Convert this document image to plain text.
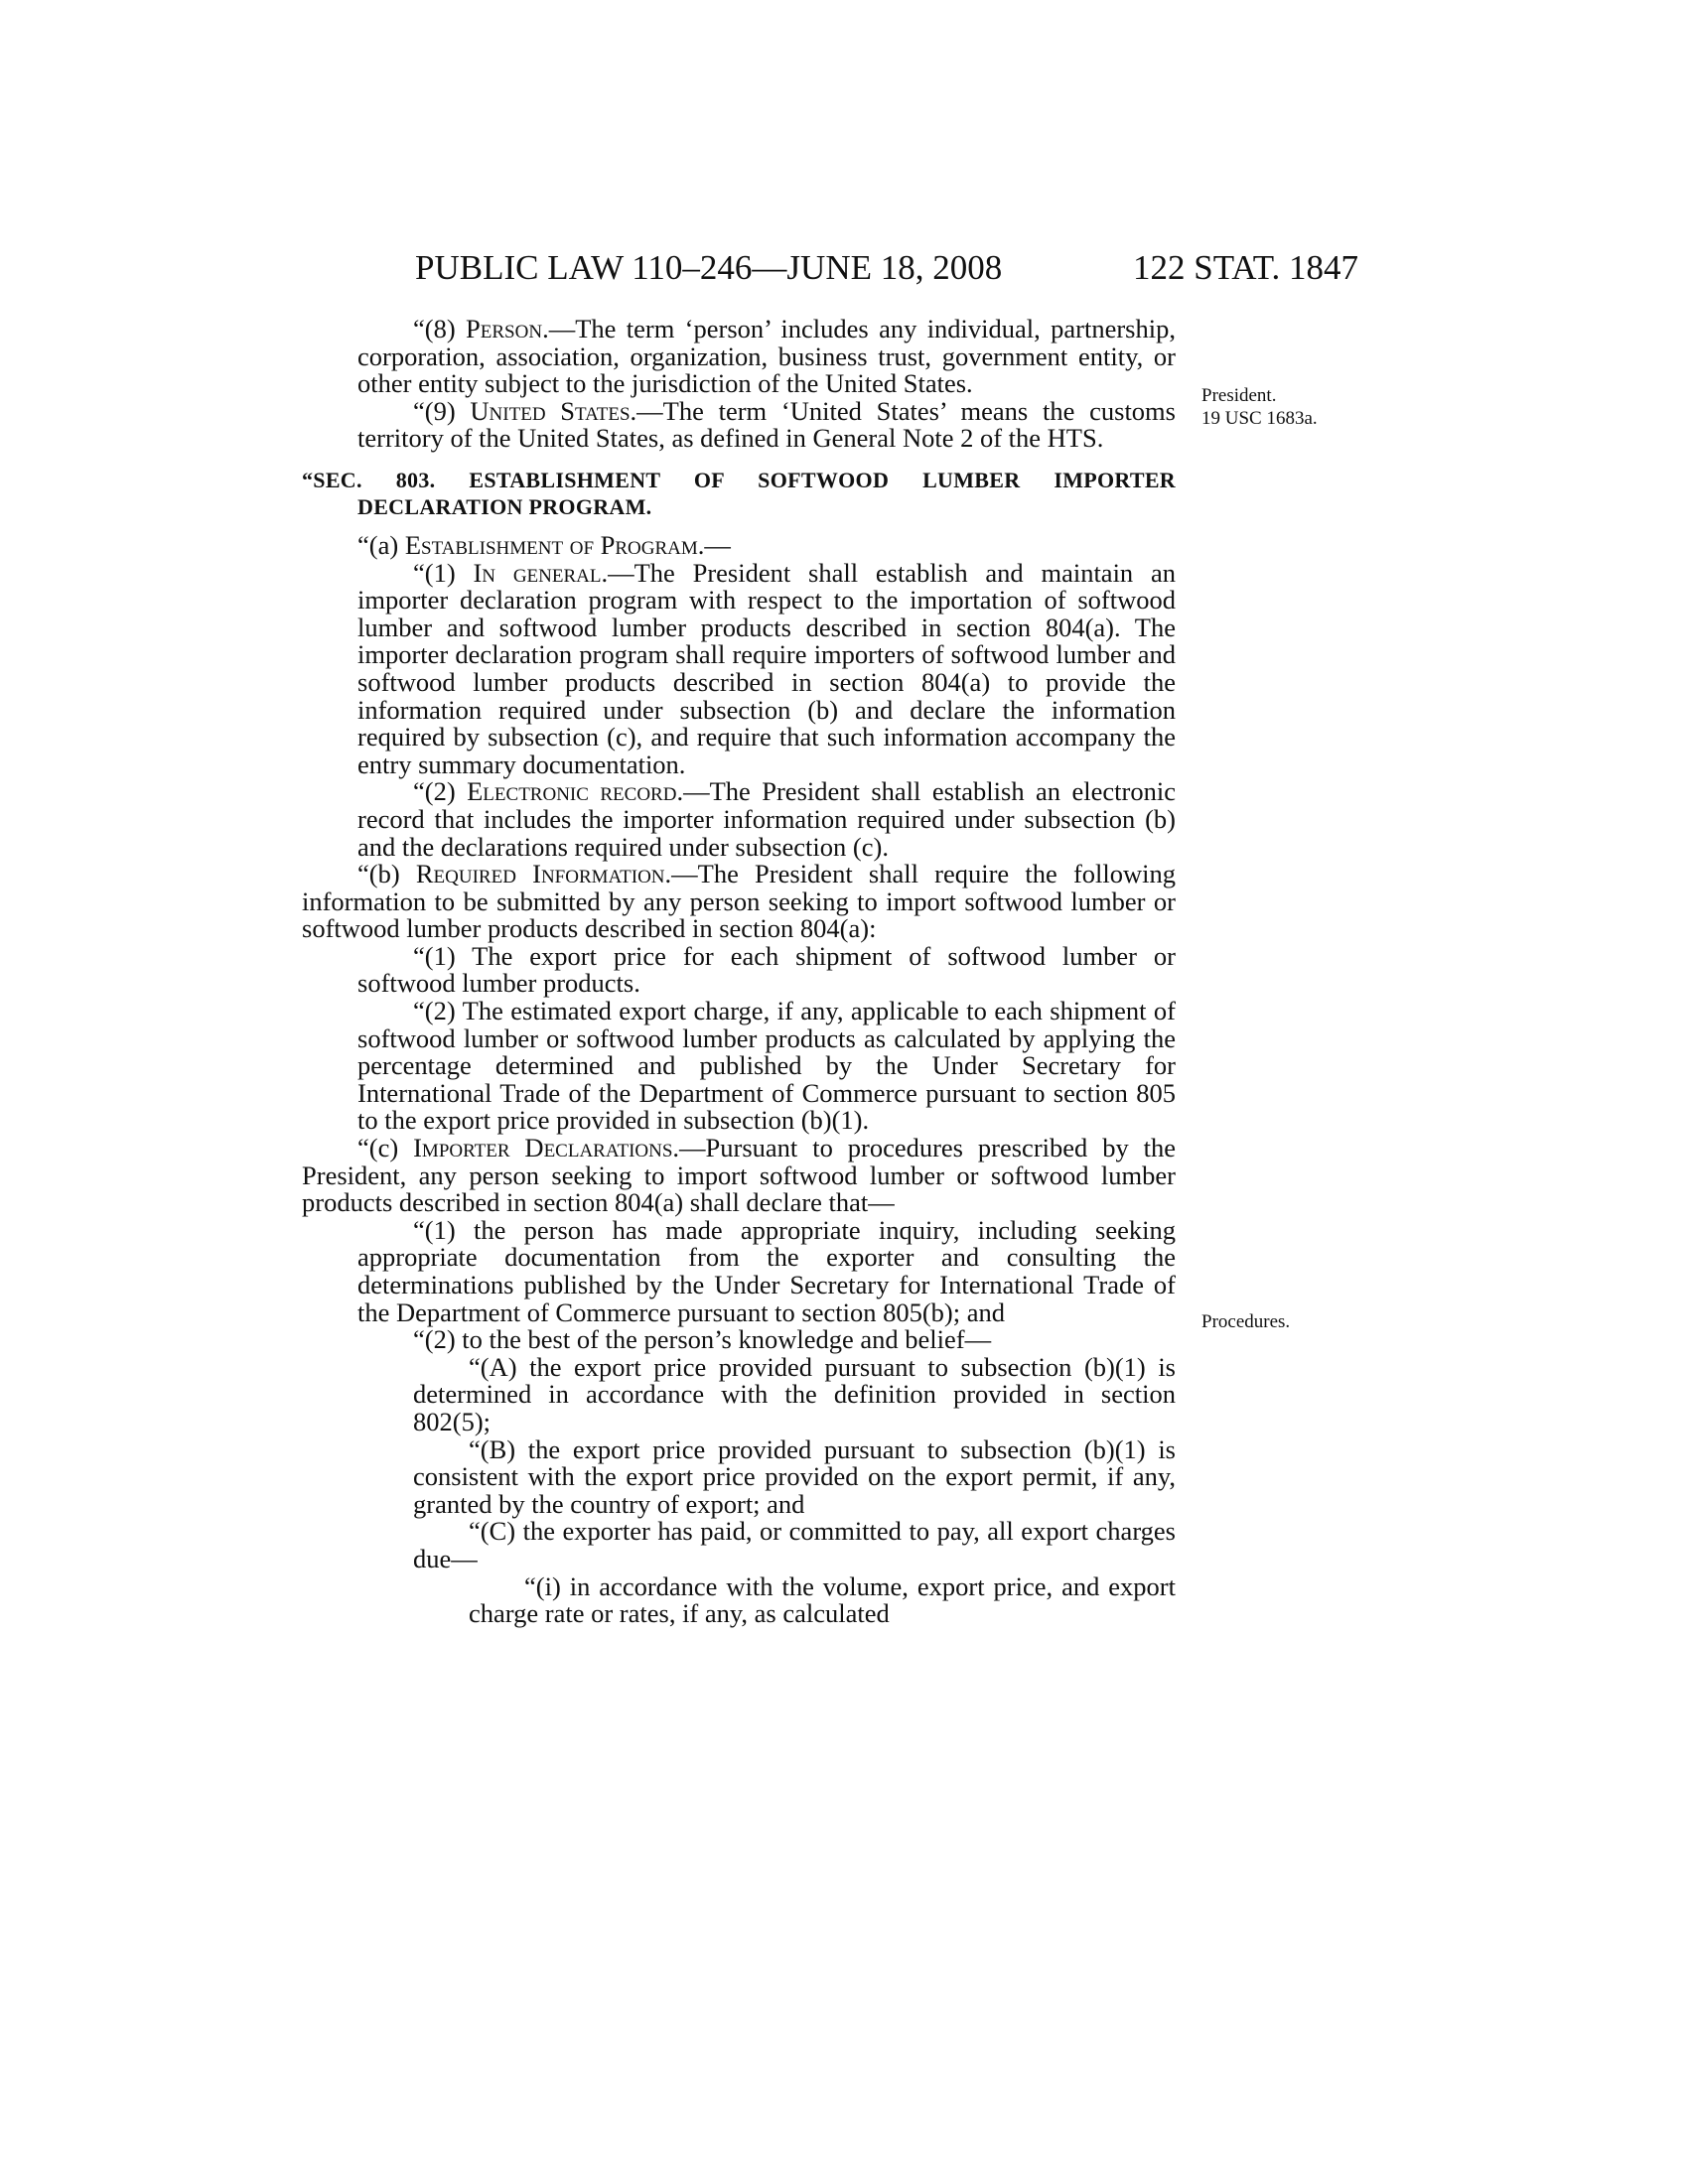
PUBLIC LAW 110–246—JUNE 18, 2008	122 STAT. 1847
President.
19 USC 1683a.
Procedures.

“(8) Person.—The term ‘person’ includes any individual, partnership, corporation, association, organization, business trust, government entity, or other entity subject to the jurisdiction of the United States.

“(9) United States.—The term ‘United States’ means the customs territory of the United States, as defined in General Note 2 of the HTS.

“SEC. 803. ESTABLISHMENT OF SOFTWOOD LUMBER IMPORTER DECLARATION PROGRAM.

“(a) Establishment of Program.—

“(1) In general.—The President shall establish and maintain an importer declaration program with respect to the importation of softwood lumber and softwood lumber products described in section 804(a). The importer declaration program shall require importers of softwood lumber and softwood lumber products described in section 804(a) to provide the information required under subsection (b) and declare the information required by subsection (c), and require that such information accompany the entry summary documentation.

“(2) Electronic record.—The President shall establish an electronic record that includes the importer information required under subsection (b) and the declarations required under subsection (c).

“(b) Required Information.—The President shall require the following information to be submitted by any person seeking to import softwood lumber or softwood lumber products described in section 804(a):

“(1) The export price for each shipment of softwood lumber or softwood lumber products.

“(2) The estimated export charge, if any, applicable to each shipment of softwood lumber or softwood lumber products as calculated by applying the percentage determined and published by the Under Secretary for International Trade of the Department of Commerce pursuant to section 805 to the export price provided in subsection (b)(1).

“(c) Importer Declarations.—Pursuant to procedures prescribed by the President, any person seeking to import softwood lumber or softwood lumber products described in section 804(a) shall declare that—

“(1) the person has made appropriate inquiry, including seeking appropriate documentation from the exporter and consulting the determinations published by the Under Secretary for International Trade of the Department of Commerce pursuant to section 805(b); and

“(2) to the best of the person’s knowledge and belief—

“(A) the export price provided pursuant to subsection (b)(1) is determined in accordance with the definition provided in section 802(5);

“(B) the export price provided pursuant to subsection (b)(1) is consistent with the export price provided on the export permit, if any, granted by the country of export; and

“(C) the exporter has paid, or committed to pay, all export charges due—

“(i) in accordance with the volume, export price, and export charge rate or rates, if any, as calculated
